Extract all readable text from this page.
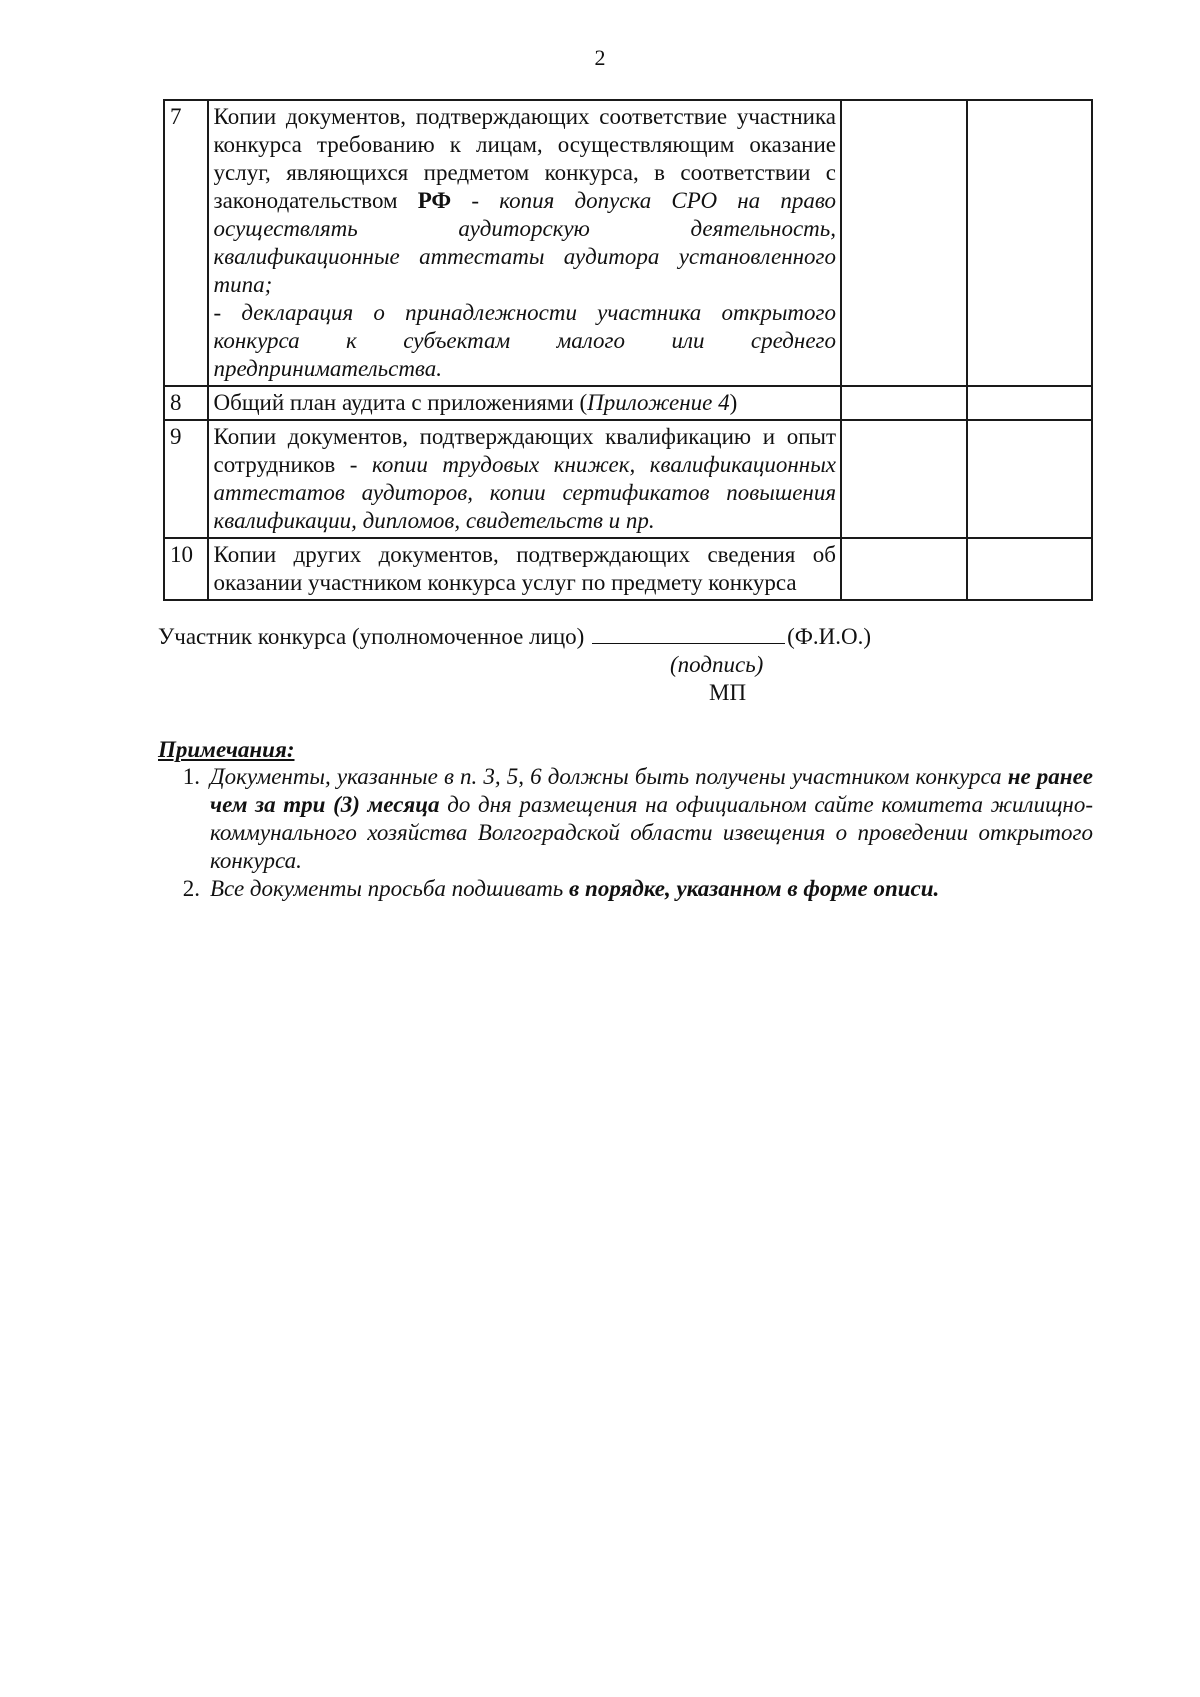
2
7	Копии документов, подтверждающих соответствие участника конкурса требованию к лицам, осуществляющим оказание услуг, являющихся предметом конкурса, в соответствии с законодательством РФ - копия допуска СРО на право осуществлять аудиторскую деятельность, квалификационные аттестаты аудитора установленного типа;
- декларация о принадлежности участника открытого конкурса к субъектам малого или среднего предпринимательства.		
8	Общий план аудита с приложениями (Приложение 4)		
9	Копии документов, подтверждающих квалификацию и опыт сотрудников - копии трудовых книжек, квалификационных аттестатов аудиторов, копии сертификатов повышения квалификации, дипломов, свидетельств и пр.		
10	Копии других документов, подтверждающих сведения об оказании участником конкурса услуг по предмету конкурса		
Участник конкурса (уполномоченное лицо)	(Ф.И.О.)
(подпись)
МП
Примечания:
1. Документы, указанные в п. 3, 5, 6 должны быть получены участником конкурса не ранее чем за три (3) месяца до дня размещения на официальном сайте комитета жилищно-коммунального хозяйства Волгоградской области извещения о проведении открытого конкурса.
2. Все документы просьба подшивать в порядке, указанном в форме описи.
